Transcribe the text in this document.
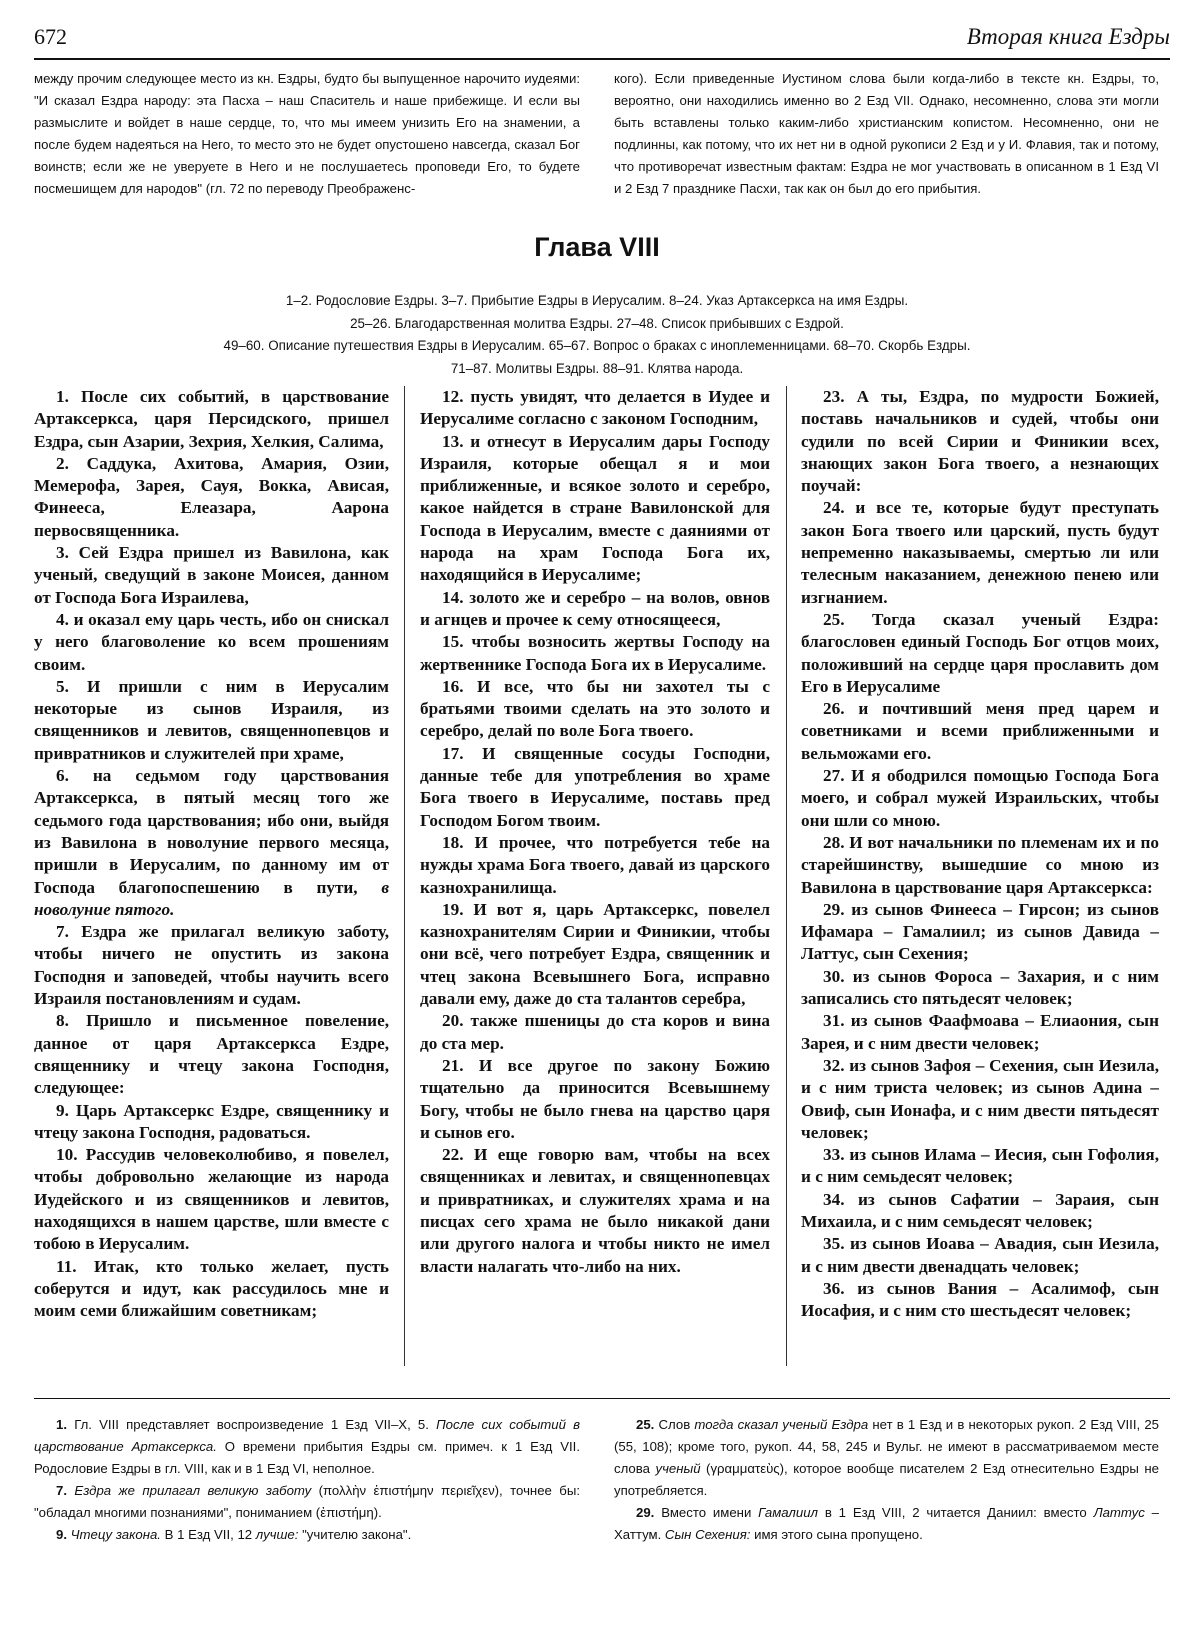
672	Вторая книга Ездры
между прочим следующее место из кн. Ездры, будто бы выпущенное нарочито иудеями: "И сказал Ездра народу: эта Пасха – наш Спаситель и наше прибежище. И если вы размыслите и войдет в наше сердце, то, что мы имеем унизить Его на знамении, а после будем надеяться на Него, то место это не будет опустошено навсегда, сказал Бог воинств; если же не уверуете в Него и не послушаетесь проповеди Его, то будете посмешищем для народов" (гл. 72 по переводу Преображенс-
кого). Если приведенные Иустином слова были когда-либо в тексте кн. Ездры, то, вероятно, они находились именно во 2 Езд VII. Однако, несомненно, слова эти могли быть вставлены только каким-либо христианским копистом. Несомненно, они не подлинны, как потому, что их нет ни в одной рукописи 2 Езд и у И. Флавия, так и потому, что противоречат известным фактам: Ездра не мог участвовать в описанном в 1 Езд VI и 2 Езд 7 празднике Пасхи, так как он был до его прибытия.
Глава VIII
1–2. Родословие Ездры. 3–7. Прибытие Ездры в Иерусалим. 8–24. Указ Артаксеркса на имя Ездры.
25–26. Благодарственная молитва Ездры. 27–48. Список прибывших с Ездрой.
49–60. Описание путешествия Ездры в Иерусалим. 65–67. Вопрос о браках с иноплеменницами. 68–70. Скорбь Ездры.
71–87. Молитвы Ездры. 88–91. Клятва народа.

1. После сих событий, в царствование Артаксеркса, царя Персидского, пришел Ездра, сын Азарии, Зехрия, Хелкия, Салима,

2. Саддука, Ахитова, Амария, Озии, Мемерофа, Зарея, Сауя, Вокка, Ависая, Финееса, Елеазара, Аарона первосвященника.

3. Сей Ездра пришел из Вавилона, как ученый, сведущий в законе Моисея, данном от Господа Бога Израилева,

4. и оказал ему царь честь, ибо он снискал у него благоволение ко всем прошениям своим.

5. И пришли с ним в Иерусалим некоторые из сынов Израиля, из священников и левитов, священнопевцов и привратников и служителей при храме,

6. на седьмом году царствования Артаксеркса, в пятый месяц того же седьмого года царствования; ибо они, выйдя из Вавилона в новолуние первого месяца, пришли в Иерусалим, по данному им от Господа благопоспешению в пути, в новолуние пятого.

7. Ездра же прилагал великую заботу, чтобы ничего не опустить из закона Господня и заповедей, чтобы научить всего Израиля постановлениям и судам.

8. Пришло и письменное повеление, данное от царя Артаксеркса Ездре, священнику и чтецу закона Господня, следующее:

9. Царь Артаксеркс Ездре, священнику и чтецу закона Господня, радоваться.

10. Рассудив человеколюбиво, я повелел, чтобы добровольно желающие из народа Иудейского и из священников и левитов, находящихся в нашем царстве, шли вместе с тобою в Иерусалим.

11. Итак, кто только желает, пусть соберутся и идут, как рассудилось мне и моим семи ближайшим советникам;

12. пусть увидят, что делается в Иудее и Иерусалиме согласно с законом Господним,

13. и отнесут в Иерусалим дары Господу Израиля, которые обещал я и мои приближенные, и всякое золото и серебро, какое найдется в стране Вавилонской для Господа в Иерусалим, вместе с даяниями от народа на храм Господа Бога их, находящийся в Иерусалиме;

14. золото же и серебро – на волов, овнов и агнцев и прочее к сему относящееся,

15. чтобы возносить жертвы Господу на жертвеннике Господа Бога их в Иерусалиме.

16. И все, что бы ни захотел ты с братьями твоими сделать на это золото и серебро, делай по воле Бога твоего.

17. И священные сосуды Господни, данные тебе для употребления во храме Бога твоего в Иерусалиме, поставь пред Господом Богом твоим.

18. И прочее, что потребуется тебе на нужды храма Бога твоего, давай из царского казнохранилища.

19. И вот я, царь Артаксеркс, повелел казнохранителям Сирии и Финикии, чтобы они всё, чего потребует Ездра, священник и чтец закона Всевышнего Бога, исправно давали ему, даже до ста талантов серебра,

20. также пшеницы до ста коров и вина до ста мер.

21. И все другое по закону Божию тщательно да приносится Всевышнему Богу, чтобы не было гнева на царство царя и сынов его.

22. И еще говорю вам, чтобы на всех священниках и левитах, и священнопевцах и привратниках, и служителях храма и на писцах сего храма не было никакой дани или другого налога и чтобы никто не имел власти налагать что-либо на них.

23. А ты, Ездра, по мудрости Божией, поставь начальников и судей, чтобы они судили по всей Сирии и Финикии всех, знающих закон Бога твоего, а незнающих поучай:

24. и все те, которые будут преступать закон Бога твоего или царский, пусть будут непременно наказываемы, смертью ли или телесным наказанием, денежною пенею или изгнанием.

25. Тогда сказал ученый Ездра: благословен единый Господь Бог отцов моих, положивший на сердце царя прославить дом Его в Иерусалиме

26. и почтивший меня пред царем и советниками и всеми приближенными и вельможами его.

27. И я ободрился помощью Господа Бога моего, и собрал мужей Израильских, чтобы они шли со мною.

28. И вот начальники по племенам их и по старейшинству, вышедшие со мною из Вавилона в царствование царя Артаксеркса:

29. из сынов Финееса – Гирсон; из сынов Ифамара – Гамалиил; из сынов Давида – Латтус, сын Сехения;

30. из сынов Фороса – Захария, и с ним записались сто пятьдесят человек;

31. из сынов Фаафмоава – Елиаония, сын Зарея, и с ним двести человек;

32. из сынов Зафоя – Сехения, сын Иезила, и с ним триста человек; из сынов Адина – Овиф, сын Ионафа, и с ним двести пятьдесят человек;

33. из сынов Илама – Иесия, сын Гофолия, и с ним семьдесят человек;

34. из сынов Сафатии – Зараия, сын Михаила, и с ним семьдесят человек;

35. из сынов Иоава – Авадия, сын Иезила, и с ним двести двенадцать человек;

36. из сынов Вания – Асалимоф, сын Иосафия, и с ним сто шестьдесят человек;

1. Гл. VIII представляет воспроизведение 1 Езд VII–X, 5. После сих событий в царствование Артаксеркса. О времени прибытия Ездры см. примеч. к 1 Езд VII. Родословие Ездры в гл. VIII, как и в 1 Езд VI, неполное.

7. Ездра же прилагал великую заботу (πολλὴν ἐπιστήμην περιεῖχεν), точнее бы: "обладал многими познаниями", пониманием (ἐπιστήμη).

9. Чтецу закона. В 1 Езд VII, 12 лучше: "учителю закона".

25. Слов тогда сказал ученый Ездра нет в 1 Езд и в некоторых рукоп. 2 Езд VIII, 25 (55, 108); кроме того, рукоп. 44, 58, 245 и Вульг. не имеют в рассматриваемом месте слова ученый (γραμματεὺς), которое вообще писателем 2 Езд отнесительно Ездры не употребляется.

29. Вместо имени Гамалиил в 1 Езд VIII, 2 читается Даниил: вместо Латтус – Хаттум. Сын Сехения: имя этого сына пропущено.
